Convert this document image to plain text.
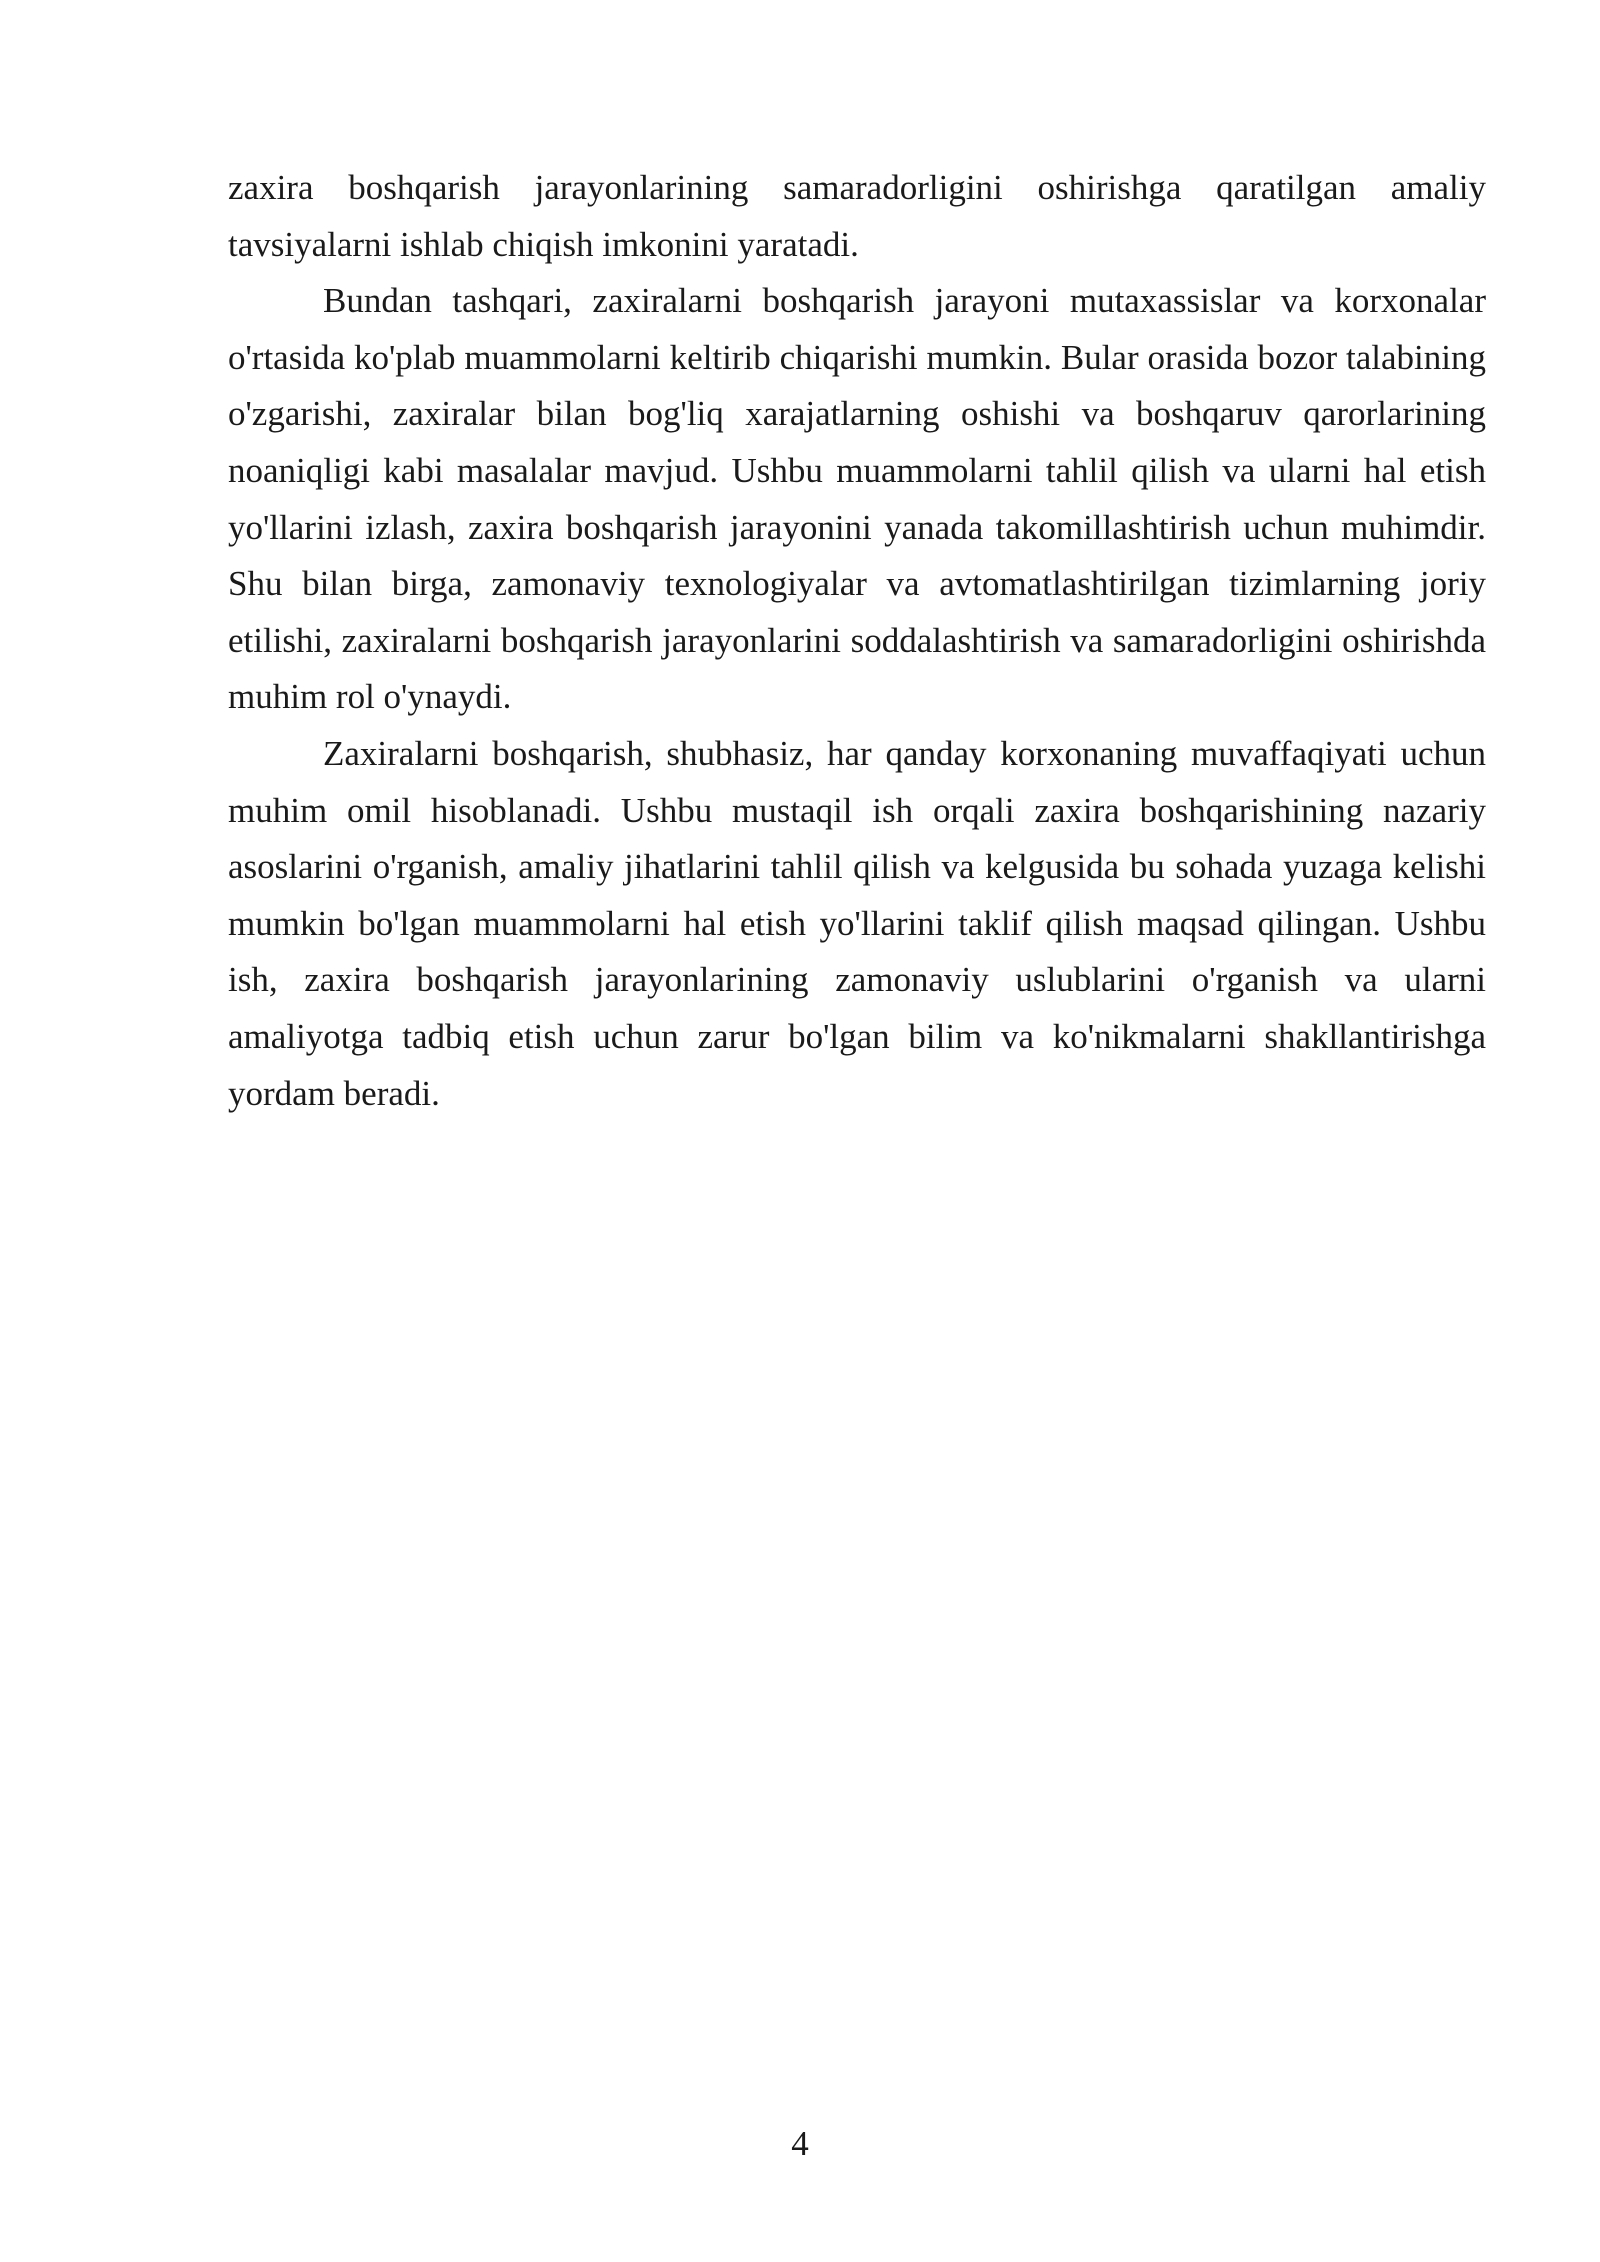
zaxira boshqarish jarayonlarining samaradorligini oshirishga qaratilgan amaliy tavsiyalarni ishlab chiqish imkonini yaratadi.

Bundan tashqari, zaxiralarni boshqarish jarayoni mutaxassislar va korxonalar o'rtasida ko'plab muammolarni keltirib chiqarishi mumkin. Bular orasida bozor talabining o'zgarishi, zaxiralar bilan bog'liq xarajatlarning oshishi va boshqaruv qarorlarining noaniqligi kabi masalalar mavjud. Ushbu muammolarni tahlil qilish va ularni hal etish yo'llarini izlash, zaxira boshqarish jarayonini yanada takomillashtirish uchun muhimdir. Shu bilan birga, zamonaviy texnologiyalar va avtomatlashtirilgan tizimlarning joriy etilishi, zaxiralarni boshqarish jarayonlarini soddalashtirish va samaradorligini oshirishda muhim rol o'ynaydi.

Zaxiralarni boshqarish, shubhasiz, har qanday korxonaning muvaffaqiyati uchun muhim omil hisoblanadi. Ushbu mustaqil ish orqali zaxira boshqarishining nazariy asoslarini o'rganish, amaliy jihatlarini tahlil qilish va kelgusida bu sohada yuzaga kelishi mumkin bo'lgan muammolarni hal etish yo'llarini taklif qilish maqsad qilingan. Ushbu ish, zaxira boshqarish jarayonlarining zamonaviy uslublarini o'rganish va ularni amaliyotga tadbiq etish uchun zarur bo'lgan bilim va ko'nikmalarni shakllantirishga yordam beradi.

4
